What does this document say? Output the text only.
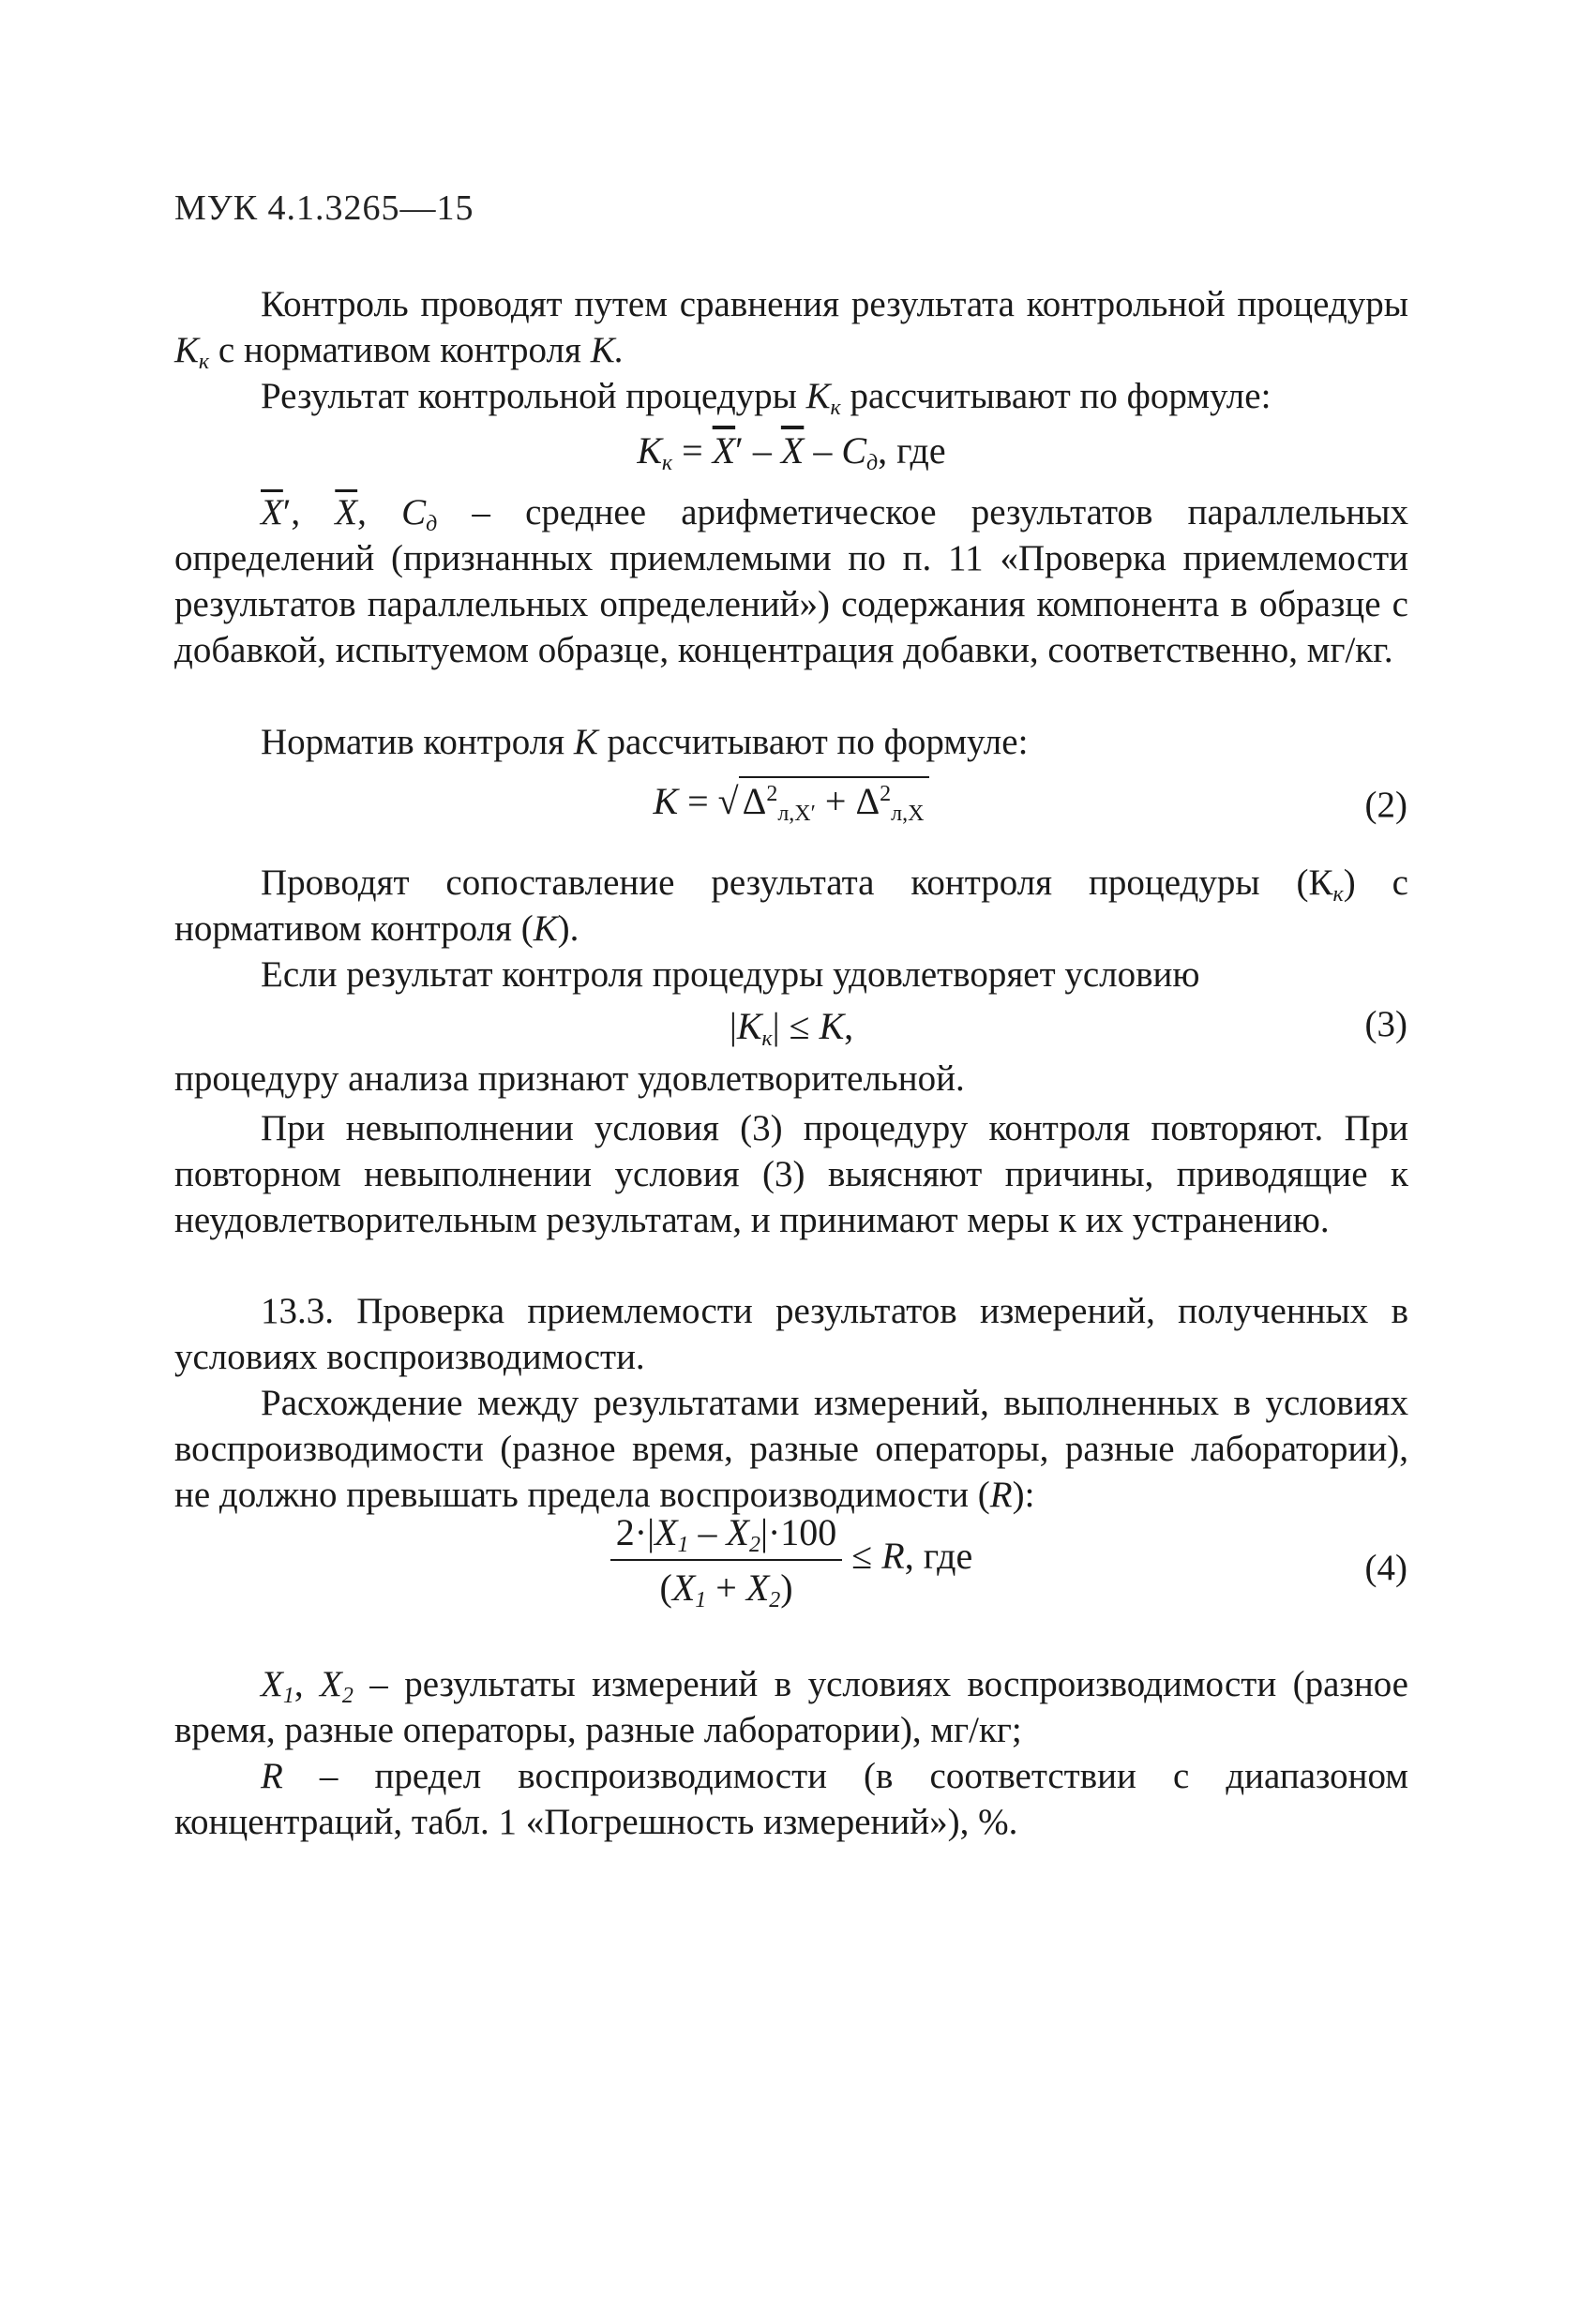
МУК 4.1.3265—15
Контроль проводят путем сравнения результата контрольной процедуры $К_к$ с нормативом контроля К.
Результат контрольной процедуры $К_к$ рассчитывают по формуле:
$К_к = \overline{X}' - \overline{X} - C_д$, где
$\overline{X}'$, $\overline{X}$, $C_д$ – среднее арифметическое результатов параллельных определений (признанных приемлемыми по п. 11 «Проверка приемлемости результатов параллельных определений») содержания компонента в образце с добавкой, испытуемом образце, концентрация добавки, соответственно, мг/кг.
Норматив контроля К рассчитывают по формуле:
К = √ $\Delta^2_{л,X'} + \Delta^2_{л,X}$	(2)
Проводят сопоставление результата контроля процедуры $(К_к)$ с нормативом контроля (К).
Если результат контроля процедуры удовлетворяет условию
$|К_к| \le К$,	(3)
процедуру анализа признают удовлетворительной.
При невыполнении условия (3) процедуру контроля повторяют. При повторном невыполнении условия (3) выясняют причины, приводящие к неудовлетворительным результатам, и принимают меры к их устранению.
13.3. Проверка приемлемости результатов измерений, полученных в условиях воспроизводимости.
Расхождение между результатами измерений, выполненных в условиях воспроизводимости (разное время, разные операторы, разные лаборатории), не должно превышать предела воспроизводимости (R):
$\frac{2\cdot|X_1 - X_2|\cdot 100}{(X_1 + X_2)} \le R$, где	(4)
$X_1$, $X_2$ – результаты измерений в условиях воспроизводимости (разное время, разные операторы, разные лаборатории), мг/кг;
R – предел воспроизводимости (в соответствии с диапазоном концентраций, табл. 1 «Погрешность измерений»), %.
